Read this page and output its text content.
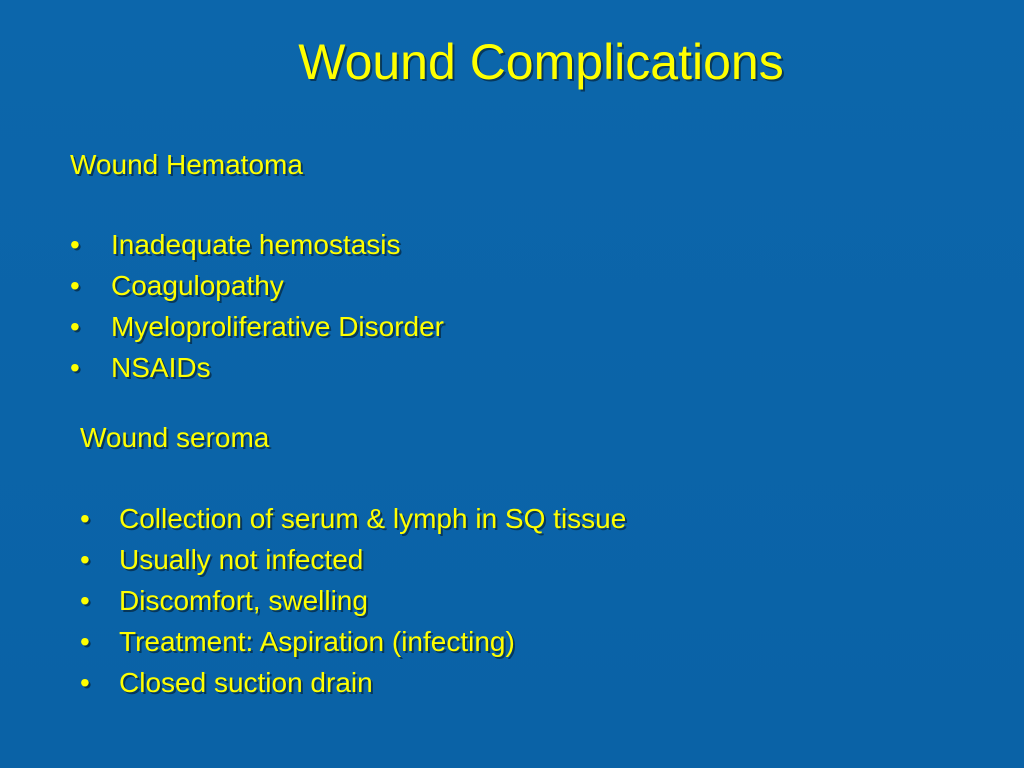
Wound Complications
Wound Hematoma
• Inadequate hemostasis
• Coagulopathy
• Myeloproliferative Disorder
• NSAIDs
Wound seroma
• Collection of serum & lymph in SQ tissue
• Usually not infected
• Discomfort, swelling
• Treatment: Aspiration (infecting)
• Closed suction drain
